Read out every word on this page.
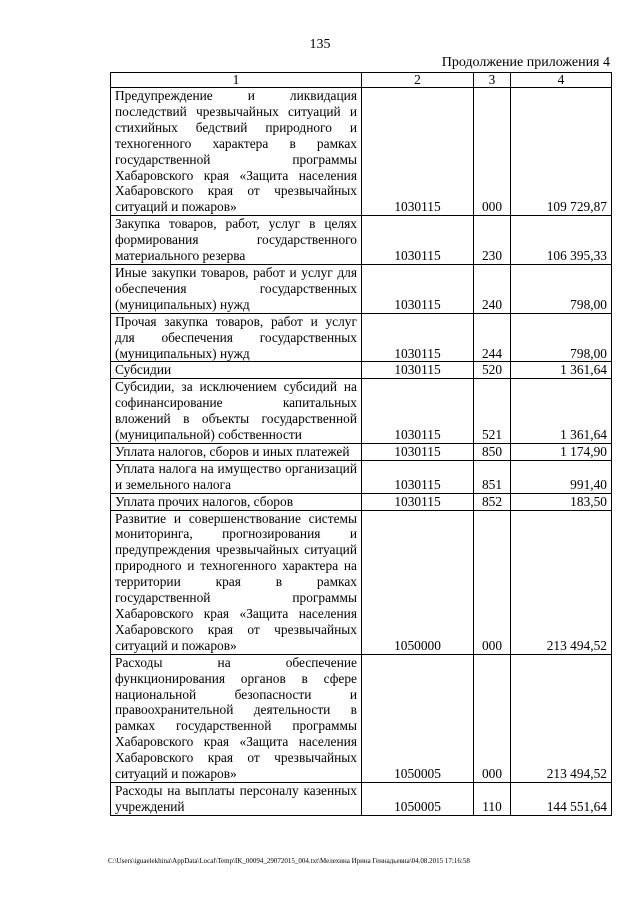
135
Продолжение приложения 4
1	2	3	4
Предупреждение и ликвидация последствий чрезвычайных ситуаций и стихийных бедствий природного и техногенного характера в рамках государственной программы Хабаровского края «Защита населения Хабаровского края от чрезвычайных ситуаций и пожаров»	1030115	000	109 729,87
Закупка товаров, работ, услуг в целях формирования государственного материального резерва	1030115	230	106 395,33
Иные закупки товаров, работ и услуг для обеспечения государственных (муниципальных) нужд	1030115	240	798,00
Прочая закупка товаров, работ и услуг для обеспечения государственных (муниципальных) нужд	1030115	244	798,00
Субсидии	1030115	520	1 361,64
Субсидии, за исключением субсидий на софинансирование капитальных вложений в объекты государственной (муниципальной) собственности	1030115	521	1 361,64
Уплата налогов, сборов и иных платежей	1030115	850	1 174,90
Уплата налога на имущество организаций и земельного налога	1030115	851	991,40
Уплата прочих налогов, сборов	1030115	852	183,50
Развитие и совершенствование системы мониторинга, прогнозирования и предупреждения чрезвычайных ситуаций природного и техногенного характера на территории края в рамках государственной программы Хабаровского края «Защита населения Хабаровского края от чрезвычайных ситуаций и пожаров»	1050000	000	213 494,52
Расходы на обеспечение функционирования органов в сфере национальной безопасности и правоохранительной деятельности в рамках государственной программы Хабаровского края «Защита населения Хабаровского края от чрезвычайных ситуаций и пожаров»	1050005	000	213 494,52
Расходы на выплаты персоналу казенных учреждений	1050005	110	144 551,64
C:\Users\iguaelekhina\AppData\Local\Temp\IK_00094_29072015_004.txt\Мелехина Ирина Геннадьевна\04.08.2015 17:16:58
